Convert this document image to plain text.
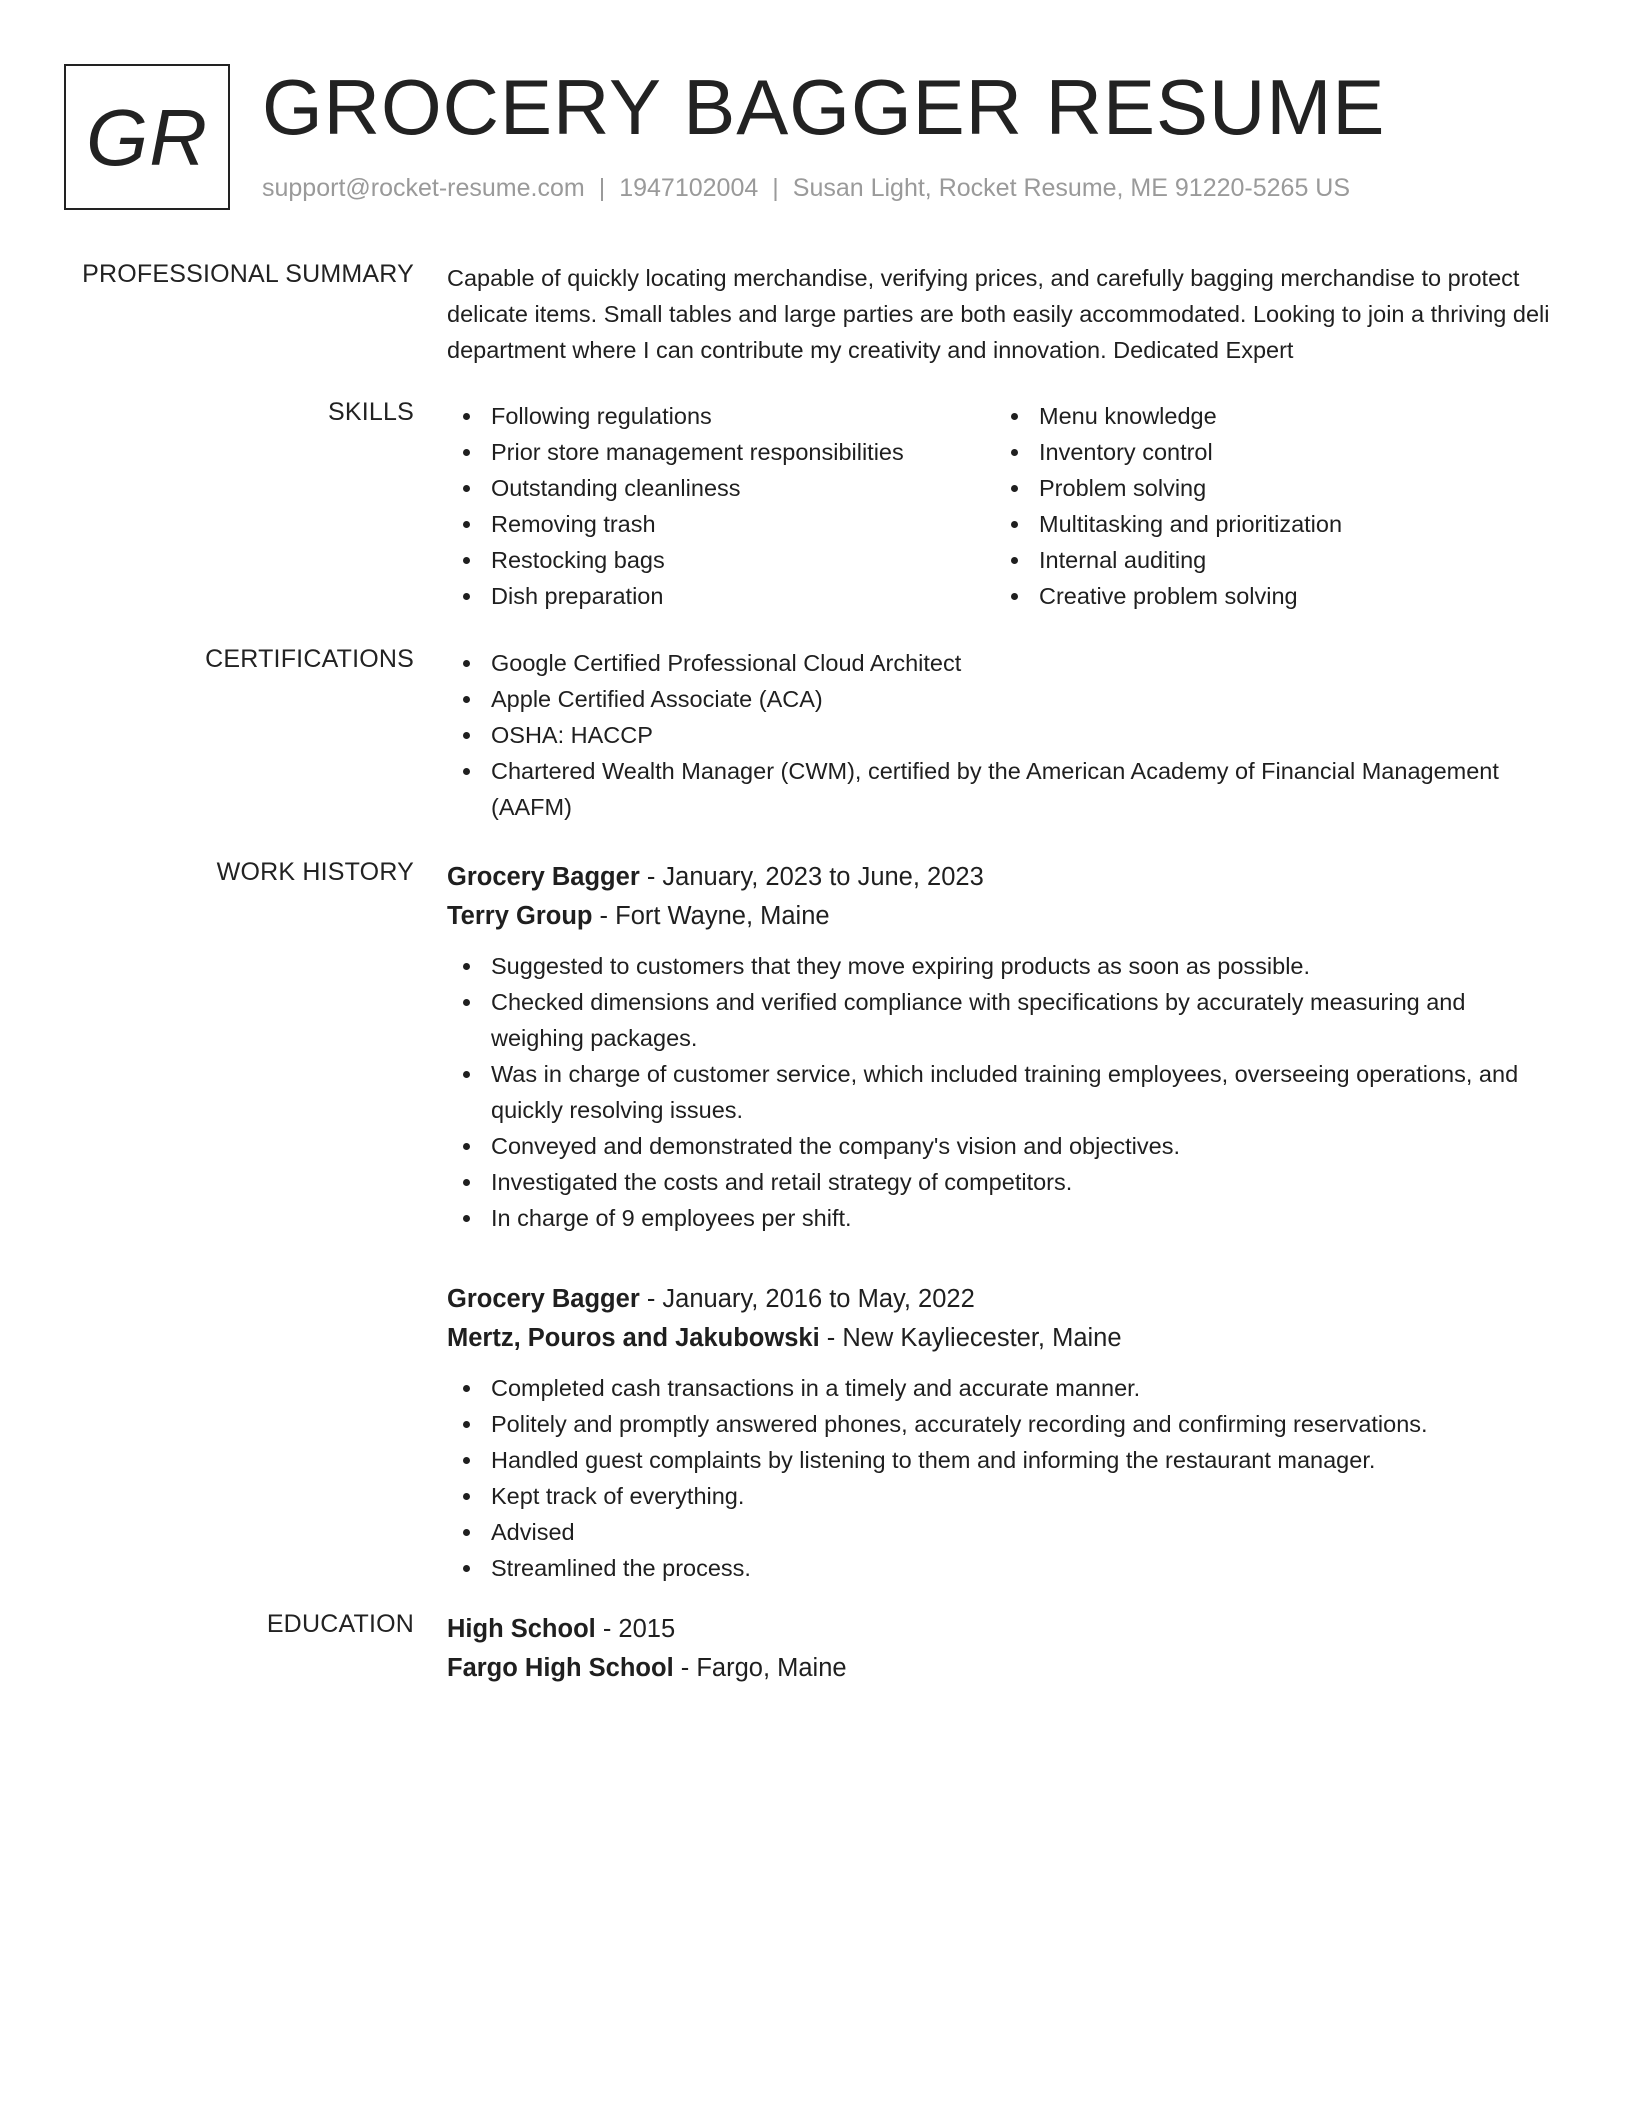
GR GROCERY BAGGER RESUME
support@rocket-resume.com | 1947102004 | Susan Light, Rocket Resume, ME 91220-5265 US
PROFESSIONAL SUMMARY Capable of quickly locating merchandise, verifying prices, and carefully bagging merchandise to protect delicate items. Small tables and large parties are both easily accommodated. Looking to join a thriving deli department where I can contribute my creativity and innovation. Dedicated Expert
SKILLS	Following regulations
Prior store management responsibilities
Outstanding cleanliness
Removing trash
Restocking bags
Dish preparation
Menu knowledge
Inventory control
Problem solving
Multitasking and prioritization
Internal auditing
Creative problem solving
CERTIFICATIONS	Google Certified Professional Cloud Architect
Apple Certified Associate (ACA)
OSHA: HACCP
Chartered Wealth Manager (CWM), certified by the American Academy of Financial Management (AAFM)
WORK HISTORY Grocery Bagger - January, 2023 to June, 2023
Terry Group - Fort Wayne, Maine
Suggested to customers that they move expiring products as soon as possible.
Checked dimensions and verified compliance with specifications by accurately measuring and weighing packages.
Was in charge of customer service, which included training employees, overseeing operations, and quickly resolving issues.
Conveyed and demonstrated the company's vision and objectives.
Investigated the costs and retail strategy of competitors.
In charge of 9 employees per shift.
Grocery Bagger - January, 2016 to May, 2022
Mertz, Pouros and Jakubowski - New Kayliecester, Maine
Completed cash transactions in a timely and accurate manner.
Politely and promptly answered phones, accurately recording and confirming reservations.
Handled guest complaints by listening to them and informing the restaurant manager.
Kept track of everything.
Advised
Streamlined the process.
EDUCATION High School - 2015
Fargo High School - Fargo, Maine
